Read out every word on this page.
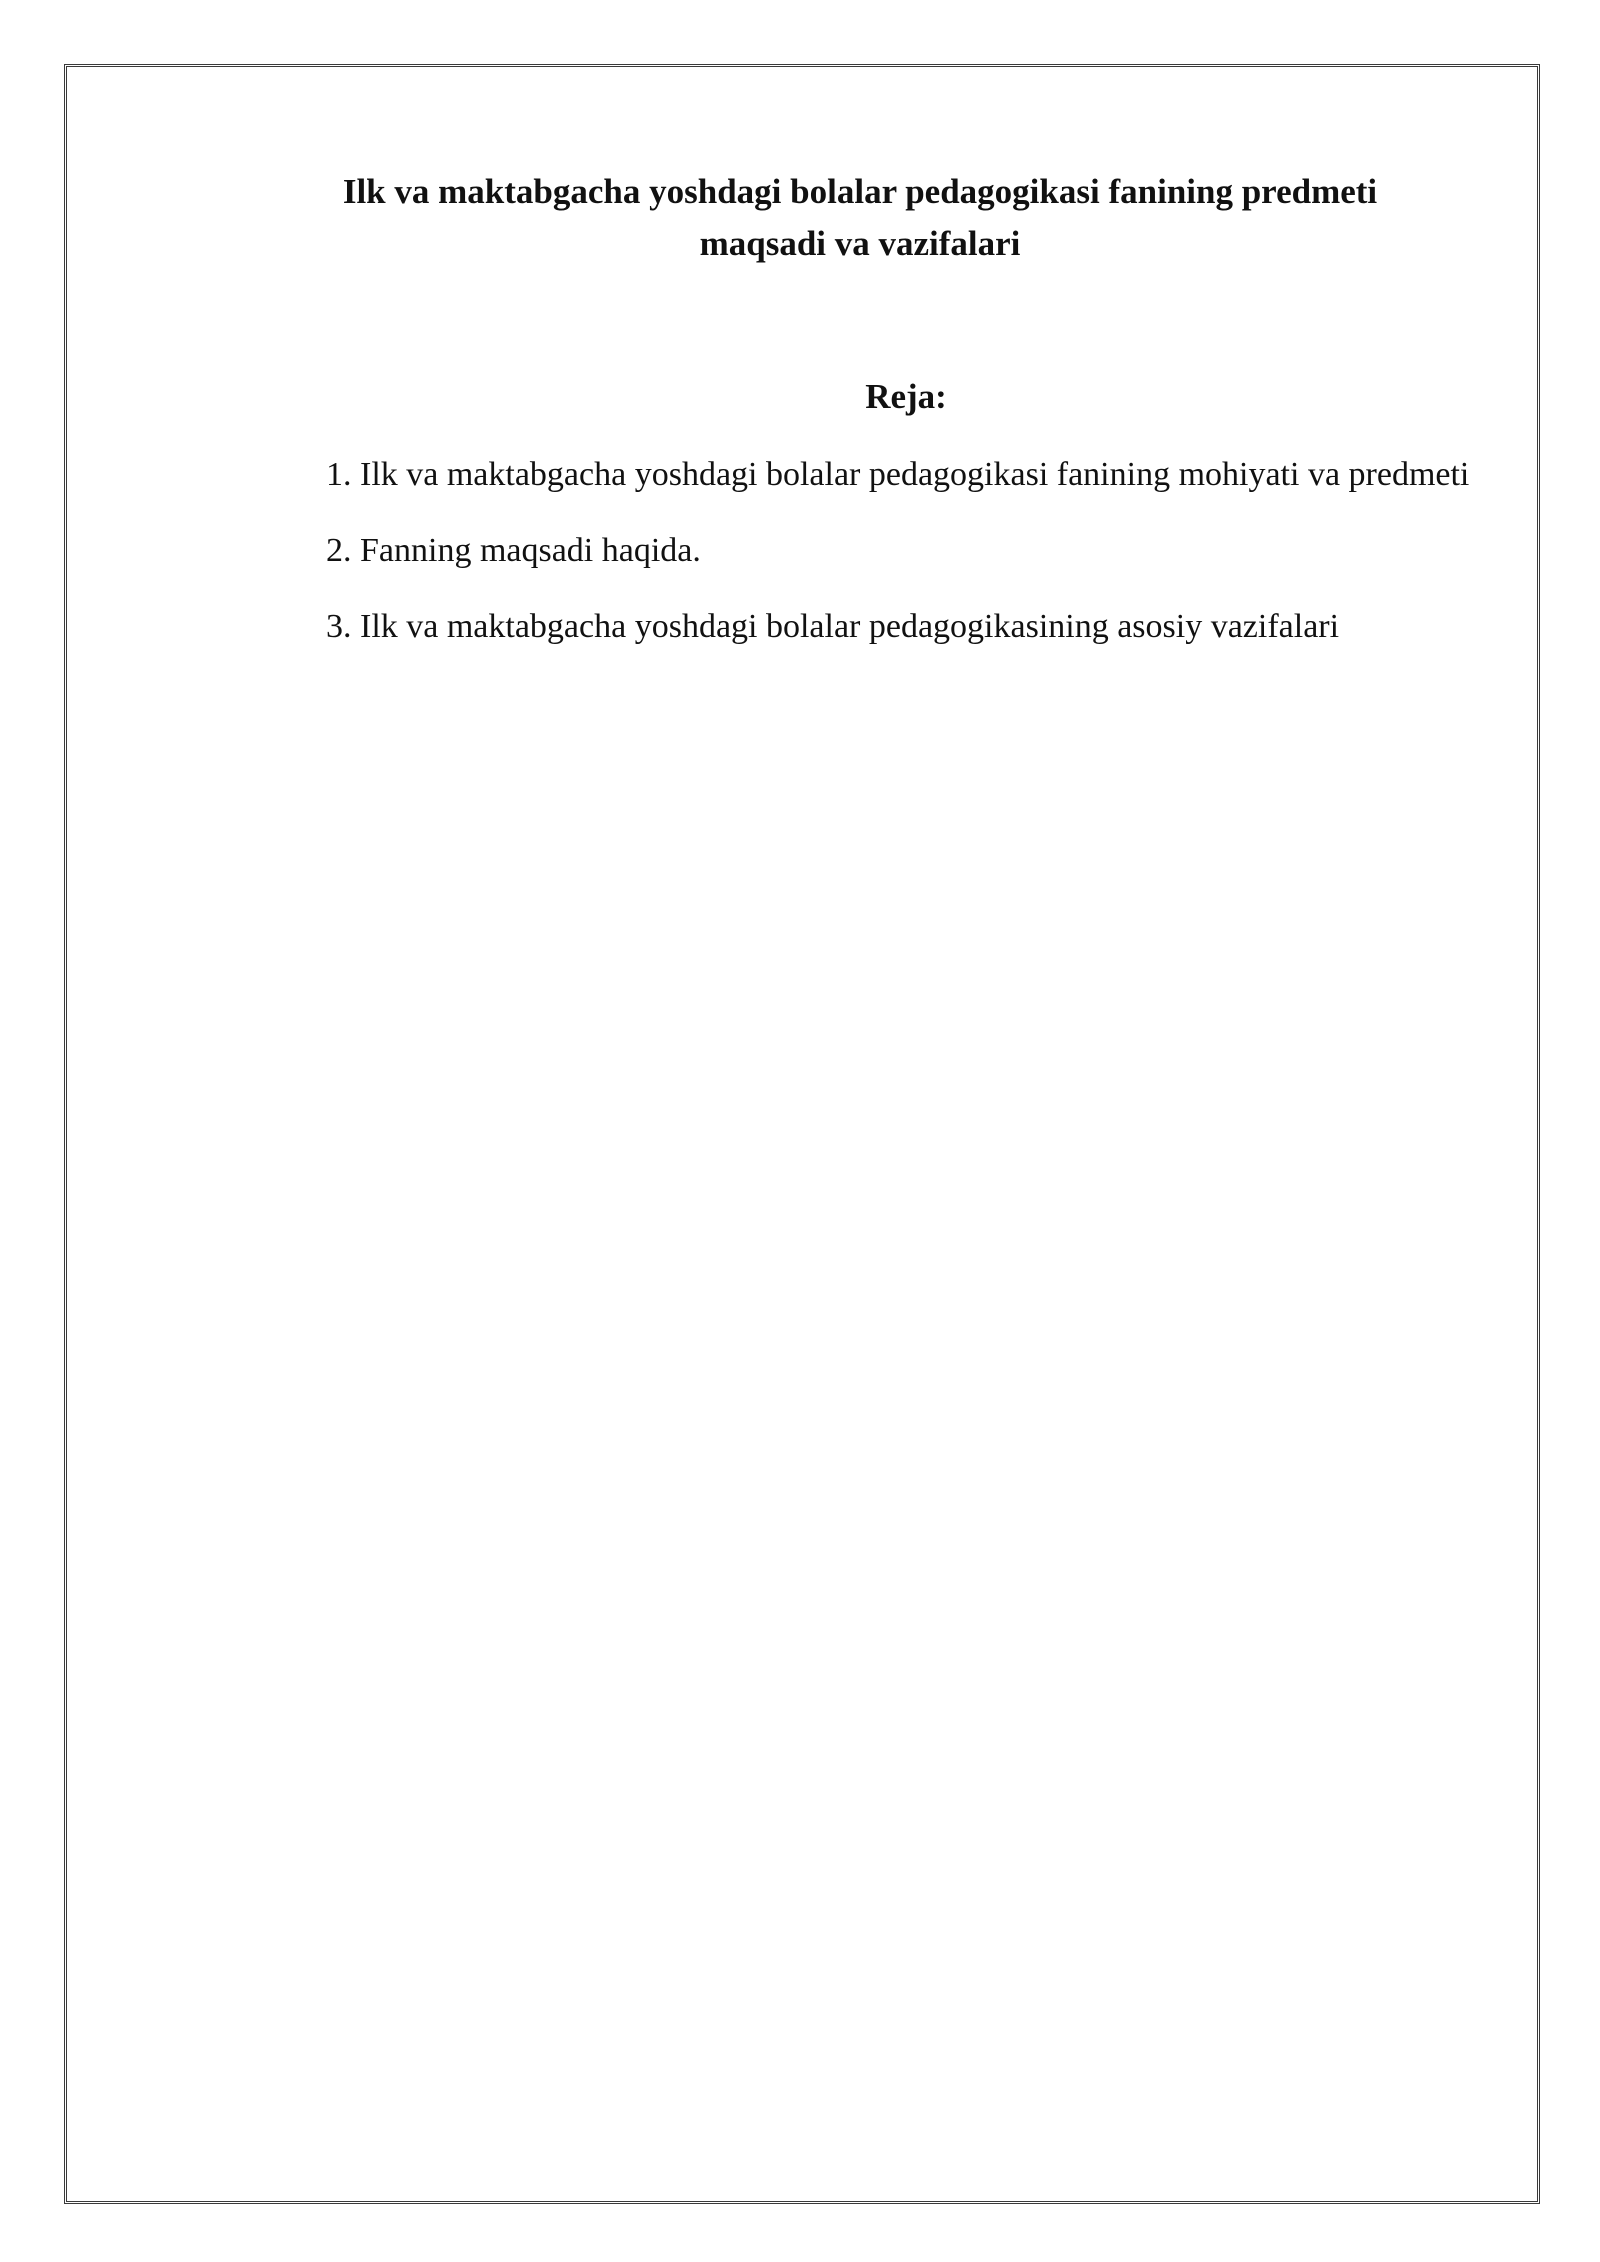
Ilk va maktabgacha yoshdagi bolalar pedagogikasi fanining predmeti
maqsadi va vazifalari
Reja:
1. Ilk va maktabgacha yoshdagi bolalar pedagogikasi fanining mohiyati va predmeti
2. Fanning maqsadi haqida.
3. Ilk va maktabgacha yoshdagi bolalar pedagogikasining asosiy vazifalari
